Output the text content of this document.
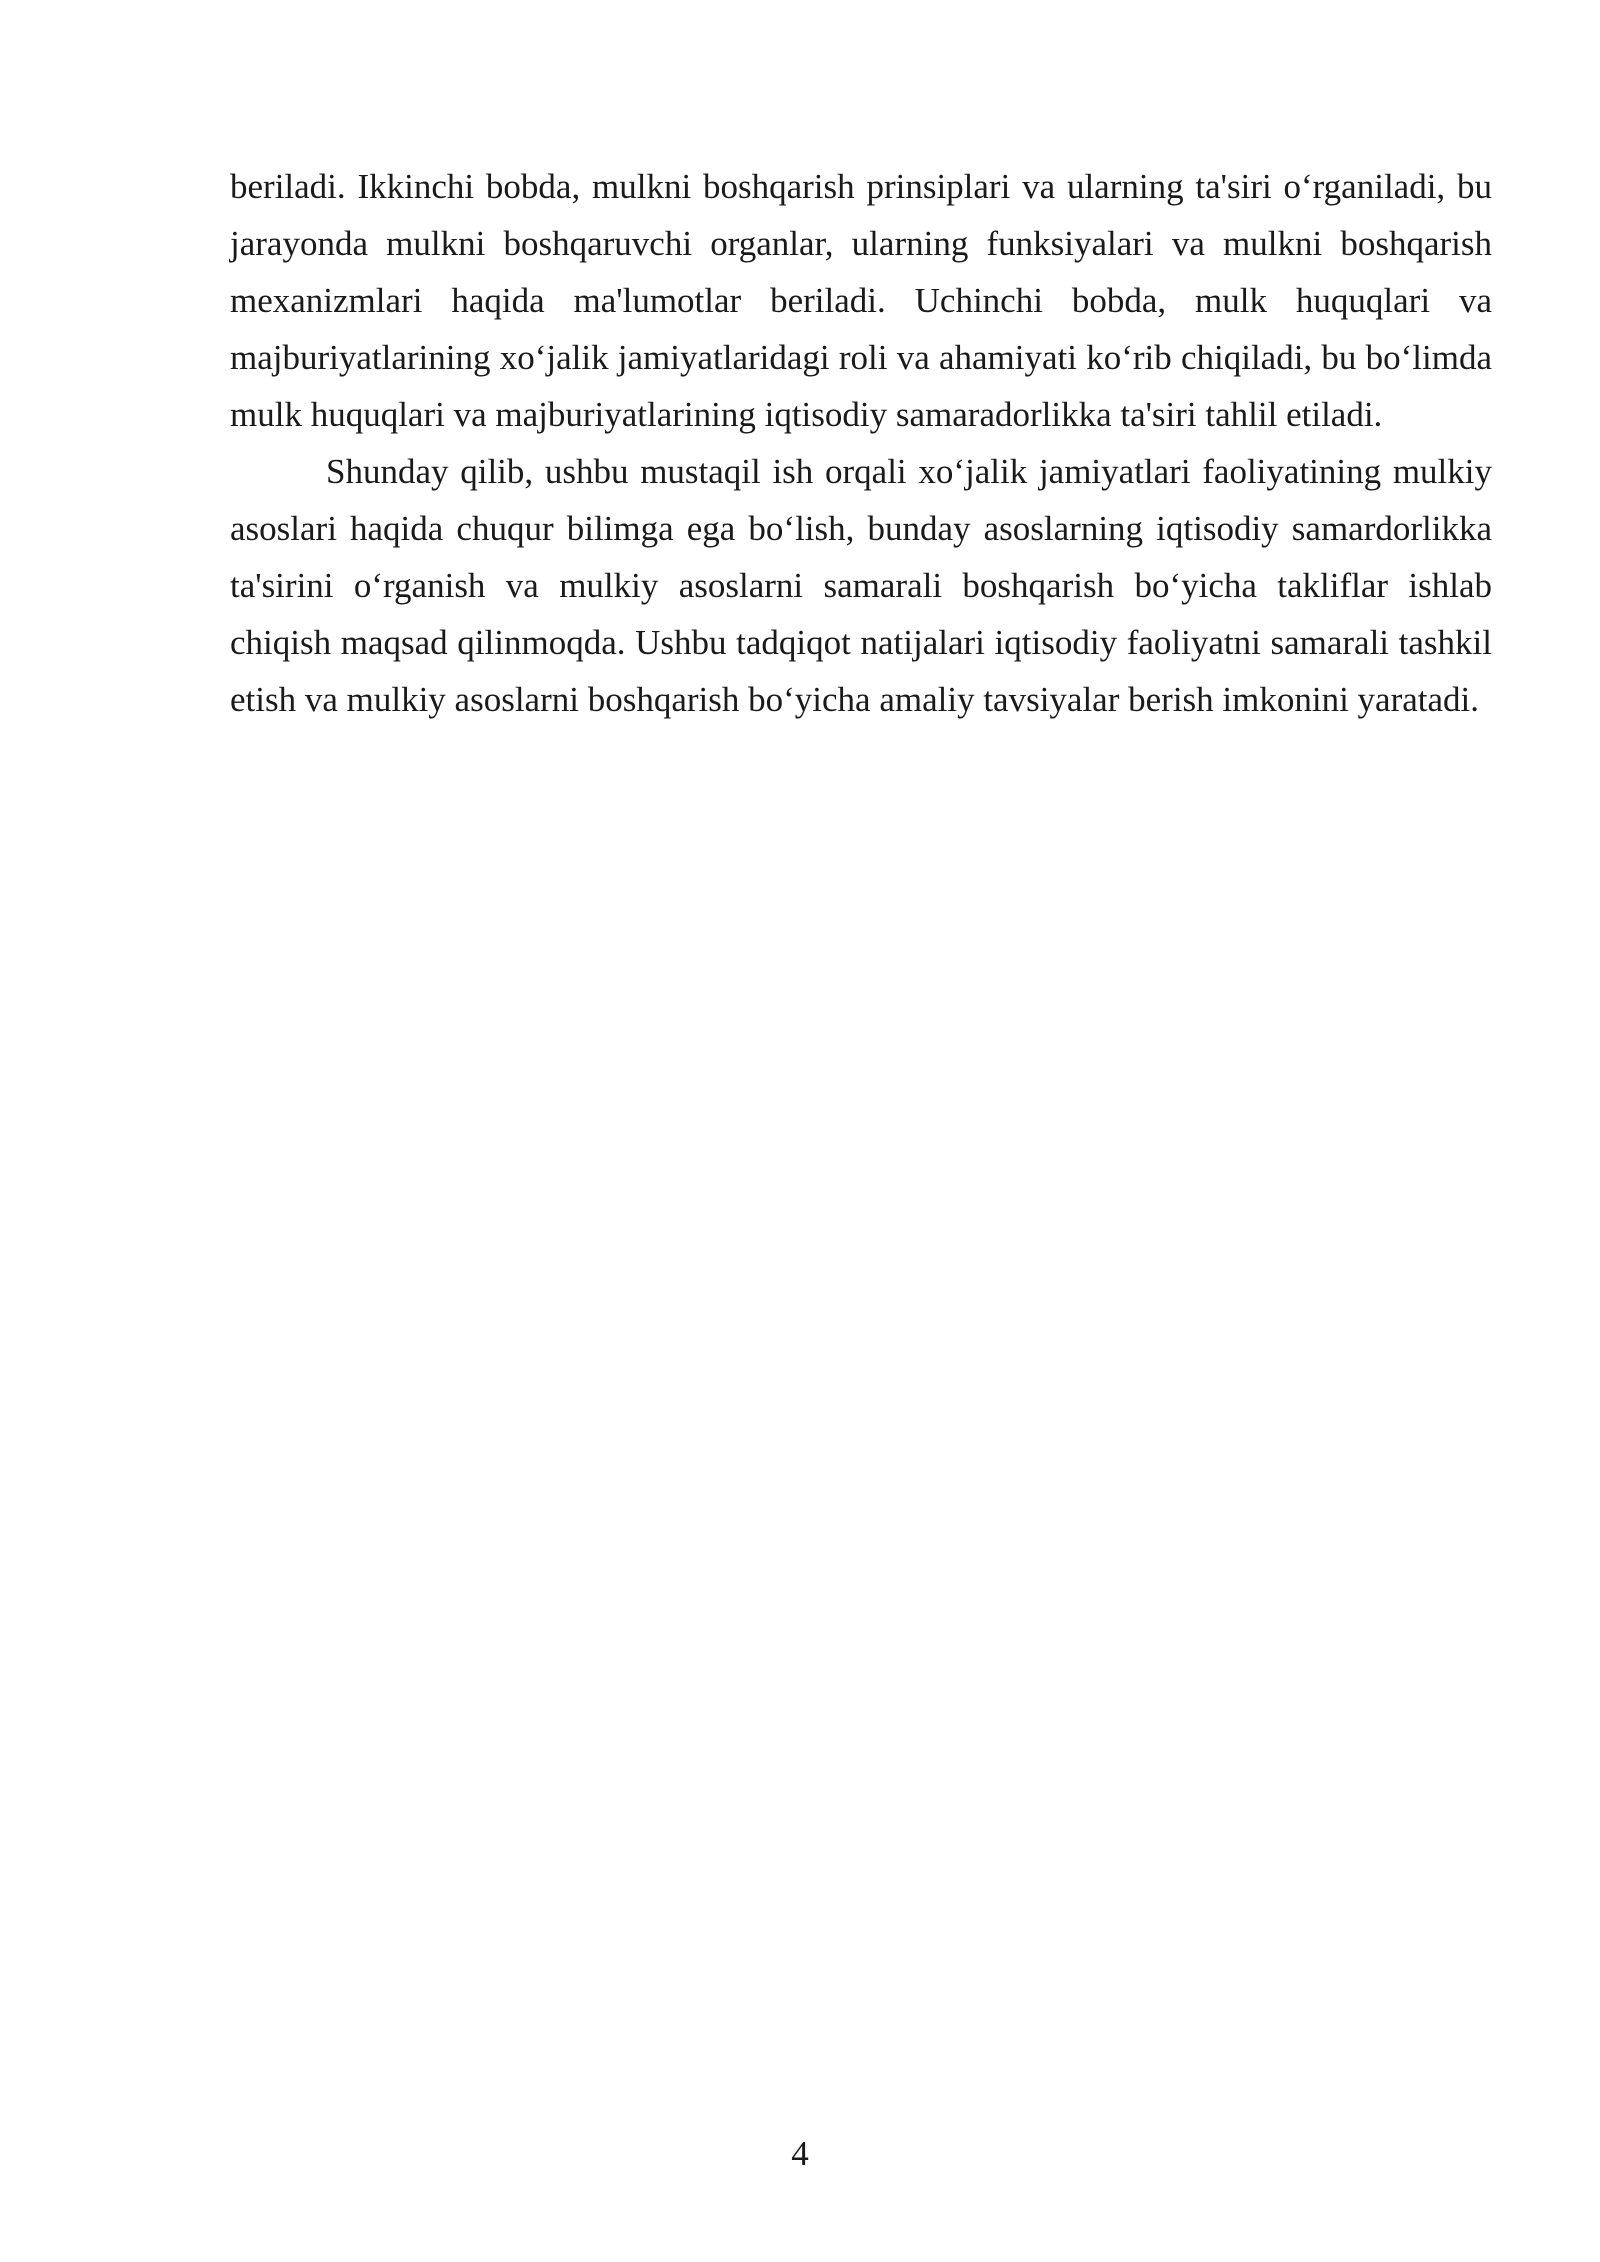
beriladi. Ikkinchi bobda, mulkni boshqarish prinsiplari va ularning ta'siri o‘rganiladi, bu jarayonda mulkni boshqaruvchi organlar, ularning funksiyalari va mulkni boshqarish mexanizmlari haqida ma'lumotlar beriladi. Uchinchi bobda, mulk huquqlari va majburiyatlarining xo‘jalik jamiyatlaridagi roli va ahamiyati ko‘rib chiqiladi, bu bo‘limda mulk huquqlari va majburiyatlarining iqtisodiy samaradorlikka ta'siri tahlil etiladi.

Shunday qilib, ushbu mustaqil ish orqali xo‘jalik jamiyatlari faoliyatining mulkiy asoslari haqida chuqur bilimga ega bo‘lish, bunday asoslarning iqtisodiy samardorlikka ta'sirini o‘rganish va mulkiy asoslarni samarali boshqarish bo‘yicha takliflar ishlab chiqish maqsad qilinmoqda. Ushbu tadqiqot natijalari iqtisodiy faoliyatni samarali tashkil etish va mulkiy asoslarni boshqarish bo‘yicha amaliy tavsiyalar berish imkonini yaratadi.

4
